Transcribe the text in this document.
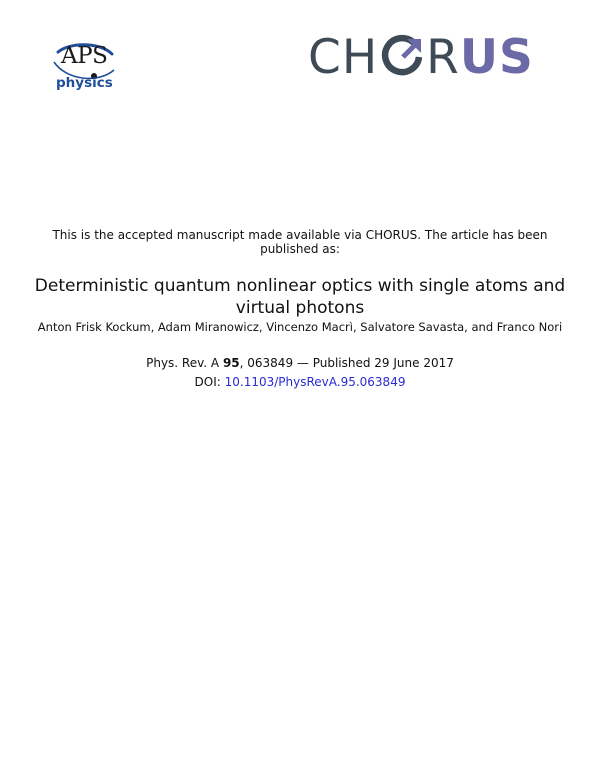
APS
physics	CH R US
This is the accepted manuscript made available via CHORUS. The article has been published as:
Deterministic quantum nonlinear optics with single atoms and virtual photons
Anton Frisk Kockum, Adam Miranowicz, Vincenzo Macrì, Salvatore Savasta, and Franco Nori
Phys. Rev. A 95, 063849 — Published 29 June 2017
DOI: 10.1103/PhysRevA.95.063849
